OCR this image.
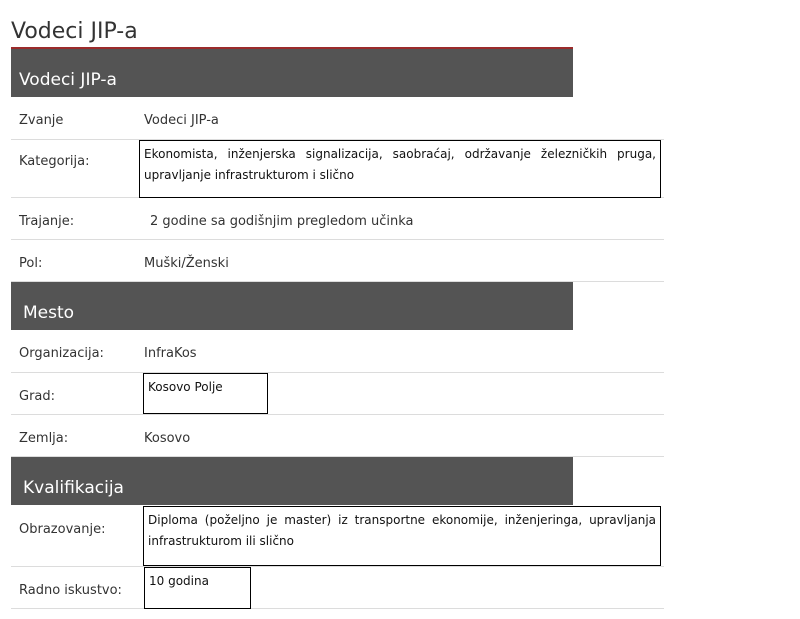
Vodeci JIP-a
Vodeci JIP-a
Zvanje	Vodeci JIP-a
Kategorija:	Ekonomista, inženjerska signalizacija, saobraćaj, održavanje železničkih pruga, upravljanje infrastrukturom i slično
Trajanje:	2 godine sa godišnjim pregledom učinka
Pol:	Muški/Ženski
Mesto
Organizacija:	InfraKos
Grad:
Kosovo Polje
Zemlja:	Kosovo
Kvalifikacija
Obrazovanje:
Diploma (poželjno je master) iz transportne ekonomije, inženjeringa, upravljanja infrastrukturom ili slično
Radno iskustvo:
10 godina
